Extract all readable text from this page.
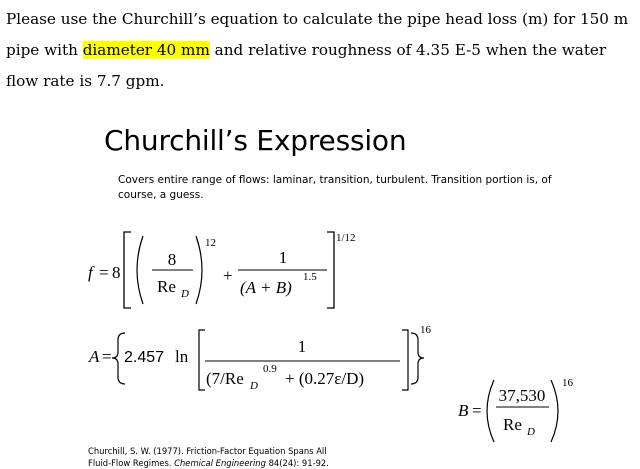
Please use the Churchill’s equation to calculate the pipe head loss (m) for 150 m pipe with diameter 40 mm and relative roughness of 4.35 E-5 when the water flow rate is 7.7 gpm.
Churchill’s Expression
Covers entire range of flows: laminar, transition, turbulent. Transition portion is, of course, a guess.
f = 8
8
Re D
12
+
1
(A + B)
1.5
1/12
A = 2.457 ln
1
(7/Re D
0.9 + (0.27ε/D)
16
B =
37,530
Re D
16
Churchill, S. W. (1977). Friction-Factor Equation Spans All
Fluid-Flow Regimes. Chemical Engineering 84(24): 91-92.
